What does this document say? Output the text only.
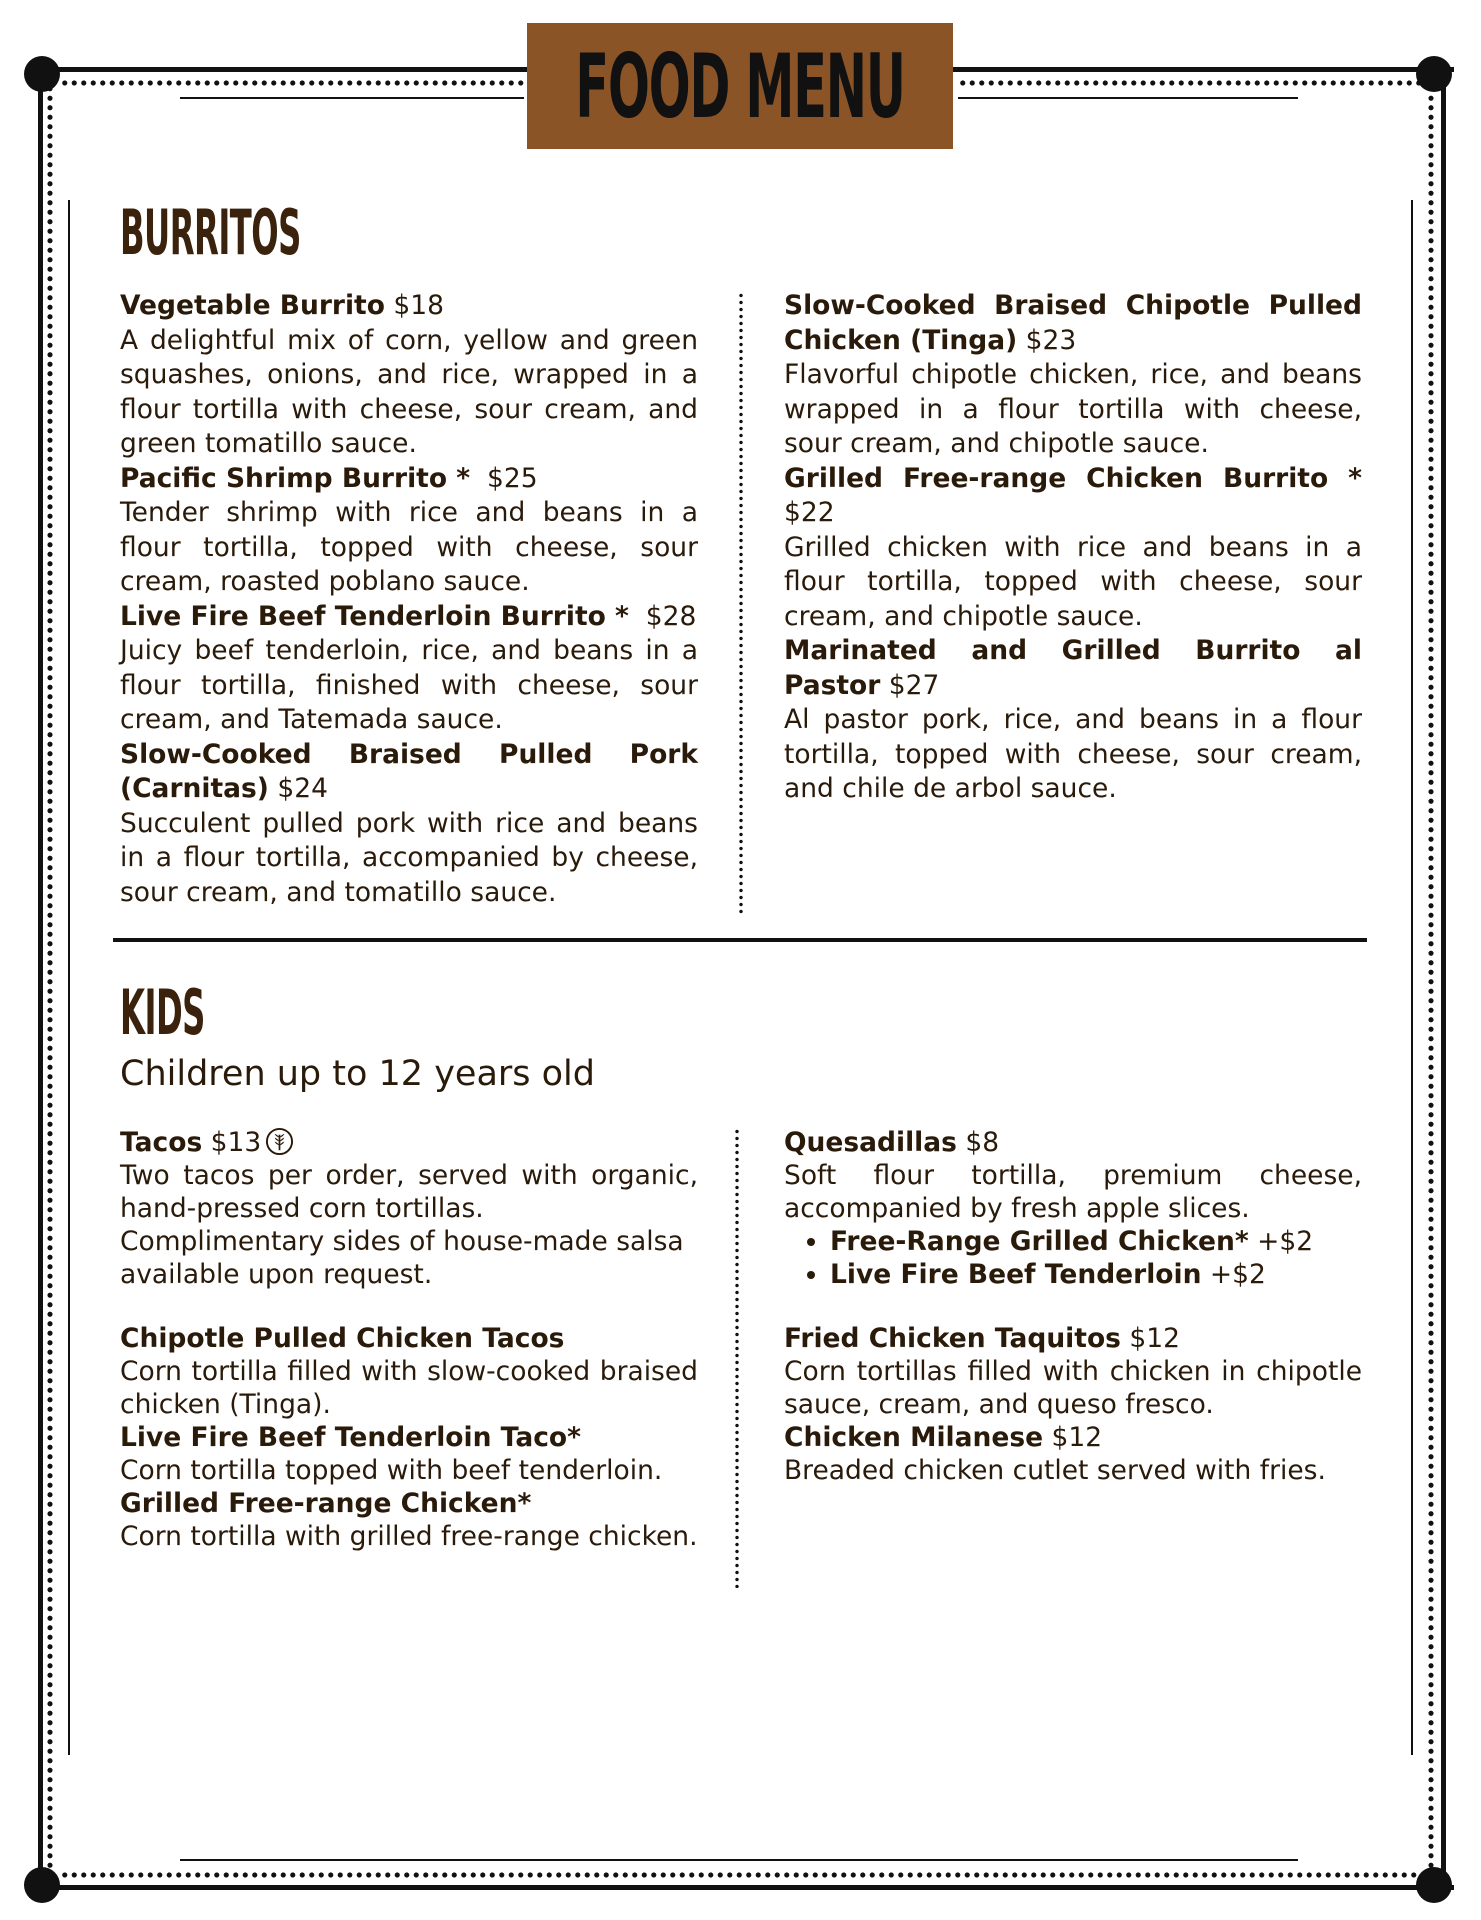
FOOD MENU
BURRITOS

Vegetable Burrito $18

A delightful mix of corn, yellow and green squashes, onions, and rice, wrapped in a flour tortilla with cheese, sour cream, and green tomatillo sauce.

Pacific Shrimp Burrito * $25

Tender shrimp with rice and beans in a flour tortilla, topped with cheese, sour cream, roasted poblano sauce.

Live Fire Beef Tenderloin Burrito * $28

Juicy beef tenderloin, rice, and beans in a flour tortilla, finished with cheese, sour cream, and Tatemada sauce.

Slow-Cooked Braised Pulled Pork (Carnitas) $24

Succulent pulled pork with rice and beans in a flour tortilla, accompanied by cheese, sour cream, and tomatillo sauce.

Slow-Cooked Braised Chipotle Pulled Chicken (Tinga) $23

Flavorful chipotle chicken, rice, and beans wrapped in a flour tortilla with cheese, sour cream, and chipotle sauce.

Grilled Free-range Chicken Burrito * $22

Grilled chicken with rice and beans in a flour tortilla, topped with cheese, sour cream, and chipotle sauce.

Marinated and Grilled Burrito al Pastor $27

Al pastor pork, rice, and beans in a flour tortilla, topped with cheese, sour cream, and chile de arbol sauce.

KIDS
Children up to 12 years old

Tacos $13

Two tacos per order, served with organic, hand-pressed corn tortillas.

Complimentary sides of house-made salsa available upon request.

Chipotle Pulled Chicken Tacos

Corn tortilla filled with slow-cooked braised chicken (Tinga).

Live Fire Beef Tenderloin Taco*

Corn tortilla topped with beef tenderloin.

Grilled Free-range Chicken*

Corn tortilla with grilled free-range chicken.

Quesadillas $8

Soft flour tortilla, premium cheese, accompanied by fresh apple slices.

• Free-Range Grilled Chicken* +$2
• Live Fire Beef Tenderloin +$2

Fried Chicken Taquitos $12

Corn tortillas filled with chicken in chipotle sauce, cream, and queso fresco.

Chicken Milanese $12

Breaded chicken cutlet served with fries.
